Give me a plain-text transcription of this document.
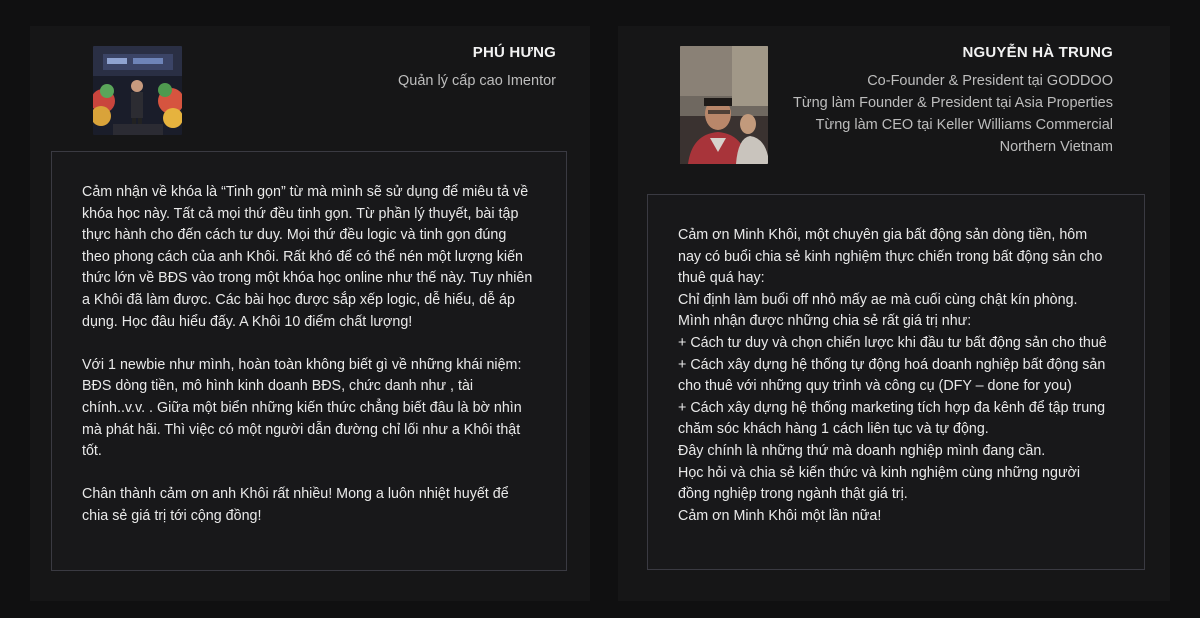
PHÚ HƯNG
Quản lý cấp cao Imentor

Cảm nhận về khóa là “Tinh gọn” từ mà mình sẽ sử dụng để miêu tả về
khóa học này. Tất cả mọi thứ đều tinh gọn. Từ phần lý thuyết, bài tập
thực hành cho đến cách tư duy. Mọi thứ đều logic và tinh gọn đúng
theo phong cách của anh Khôi. Rất khó để có thể nén một lượng kiến
thức lớn về BĐS vào trong một khóa học online như thế này. Tuy nhiên
a Khôi đã làm được. Các bài học được sắp xếp logic, dễ hiểu, dễ áp
dụng. Học đâu hiểu đấy. A Khôi 10 điểm chất lượng!

Với 1 newbie như mình, hoàn toàn không biết gì về những khái niệm:
BĐS dòng tiền, mô hình kinh doanh BĐS, chức danh như , tài
chính..v.v. . Giữa một biển những kiến thức chẳng biết đâu là bờ nhìn
mà phát hãi. Thì việc có một người dẫn đường chỉ lối như a Khôi thật
tốt.

Chân thành cảm ơn anh Khôi rất nhiều! Mong a luôn nhiệt huyết để
chia sẻ giá trị tới cộng đồng!

NGUYỄN HÀ TRUNG
Co-Founder & President tại GODDOO
Từng làm Founder & President tại Asia Properties
Từng làm CEO tại Keller Williams Commercial
Northern Vietnam

Cảm ơn Minh Khôi, một chuyên gia bất động sản dòng tiền, hôm
nay có buổi chia sẻ kinh nghiệm thực chiến trong bất động sản cho
thuê quá hay:
Chỉ định làm buổi off nhỏ mấy ae mà cuối cùng chật kín phòng.
Mình nhận được những chia sẻ rất giá trị như:
+ Cách tư duy và chọn chiến lược khi đầu tư bất động sản cho thuê
+ Cách xây dựng hệ thống tự động hoá doanh nghiệp bất động sản
cho thuê với những quy trình và công cụ (DFY – done for you)
+ Cách xây dựng hệ thống marketing tích hợp đa kênh để tập trung
chăm sóc khách hàng 1 cách liên tục và tự động.
Đây chính là những thứ mà doanh nghiệp mình đang cần.
Học hỏi và chia sẻ kiến thức và kinh nghiệm cùng những người
đồng nghiệp trong ngành thật giá trị.
Cảm ơn Minh Khôi một lần nữa!
